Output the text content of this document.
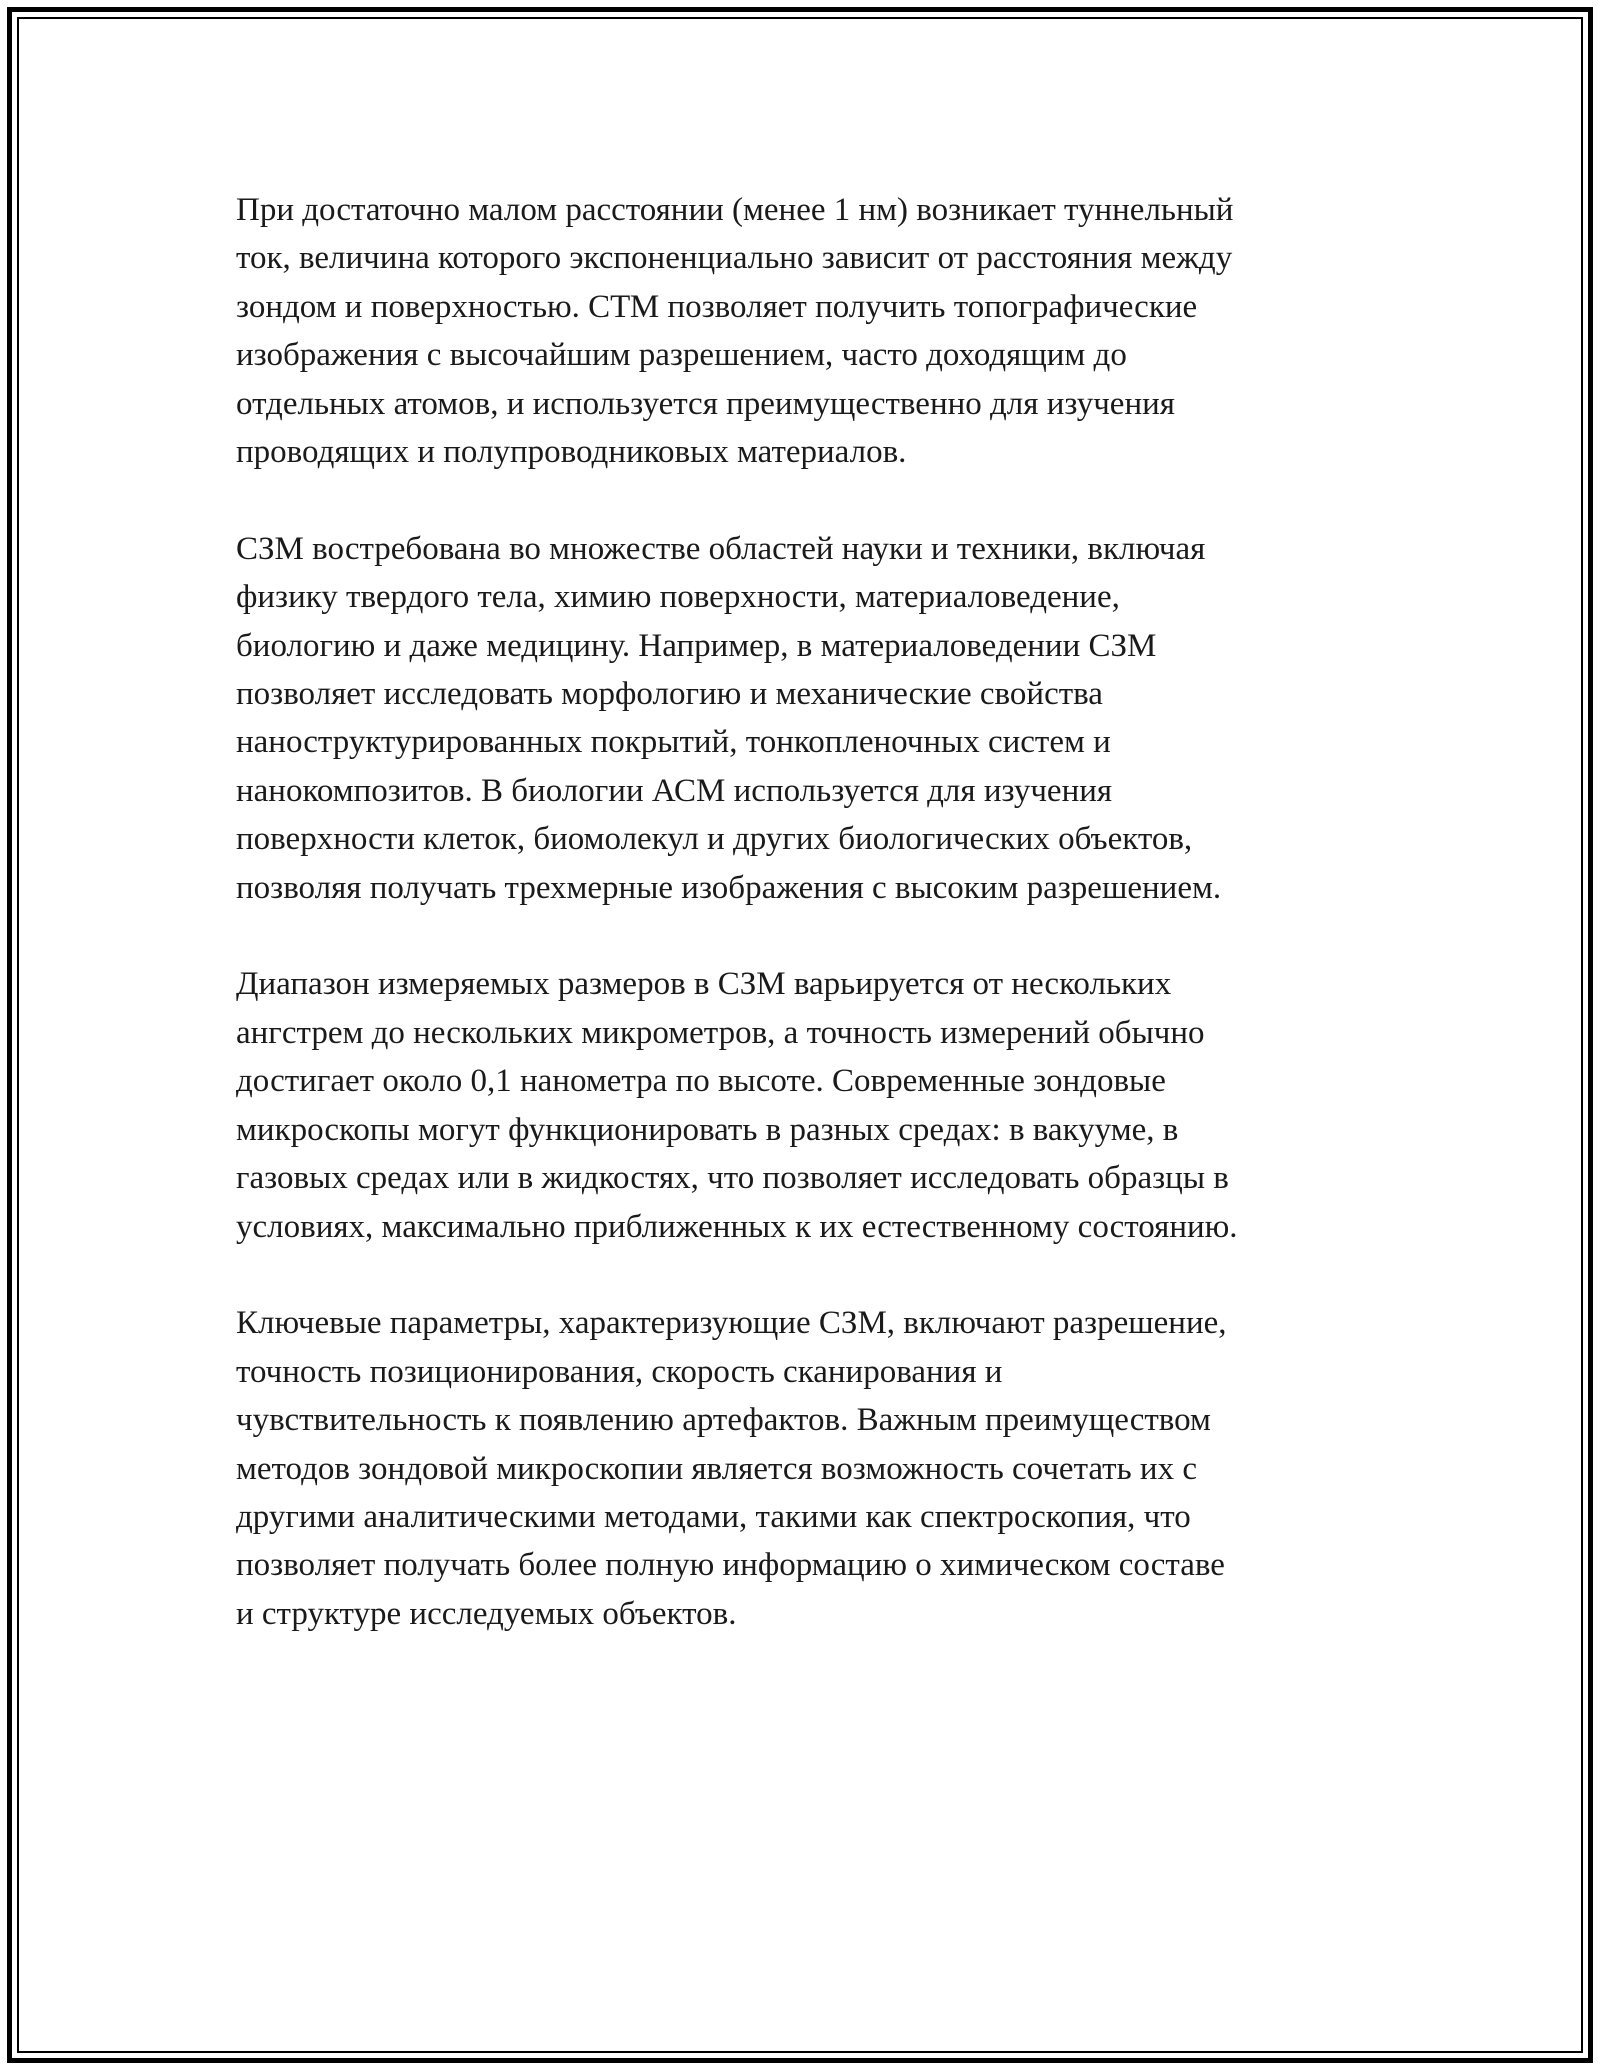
При достаточно малом расстоянии (менее 1 нм) возникает туннельный
ток, величина которого экспоненциально зависит от расстояния между
зондом и поверхностью. СТМ позволяет получить топографические
изображения с высочайшим разрешением, часто доходящим до
отдельных атомов, и используется преимущественно для изучения
проводящих и полупроводниковых материалов.

СЗМ востребована во множестве областей науки и техники, включая
физику твердого тела, химию поверхности, материаловедение,
биологию и даже медицину. Например, в материаловедении СЗМ
позволяет исследовать морфологию и механические свойства
наноструктурированных покрытий, тонкопленочных систем и
нанокомпозитов. В биологии АСМ используется для изучения
поверхности клеток, биомолекул и других биологических объектов,
позволяя получать трехмерные изображения с высоким разрешением.

Диапазон измеряемых размеров в СЗМ варьируется от нескольких
ангстрем до нескольких микрометров, а точность измерений обычно
достигает около 0,1 нанометра по высоте. Современные зондовые
микроскопы могут функционировать в разных средах: в вакууме, в
газовых средах или в жидкостях, что позволяет исследовать образцы в
условиях, максимально приближенных к их естественному состоянию.

Ключевые параметры, характеризующие СЗМ, включают разрешение,
точность позиционирования, скорость сканирования и
чувствительность к появлению артефактов. Важным преимуществом
методов зондовой микроскопии является возможность сочетать их с
другими аналитическими методами, такими как спектроскопия, что
позволяет получать более полную информацию о химическом составе
и структуре исследуемых объектов.
